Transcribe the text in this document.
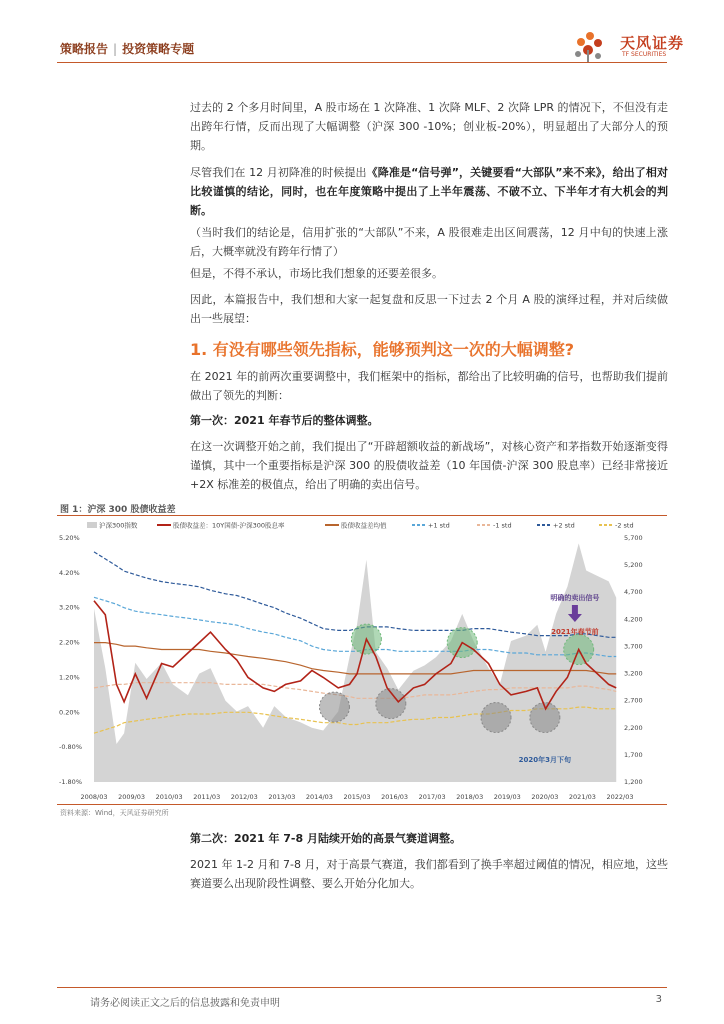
策略报告 | 投资策略专题	天风证券
TF SECURITIES

过去的 2 个多月时间里，A 股市场在 1 次降准、1 次降 MLF、2 次降 LPR 的情况下，不但没有走出跨年行情，反而出现了大幅调整（沪深 300 -10%；创业板-20%），明显超出了大部分人的预期。

尽管我们在 12 月初降准的时候提出《降准是“信号弹”，关键要看“大部队”来不来》，给出了相对比较谨慎的结论，同时，也在年度策略中提出了上半年震荡、不破不立、下半年才有大机会的判断。

（当时我们的结论是，信用扩张的“大部队”不来，A 股很难走出区间震荡，12 月中旬的快速上涨后，大概率就没有跨年行情了）

但是，不得不承认，市场比我们想象的还要差很多。

因此，本篇报告中，我们想和大家一起复盘和反思一下过去 2 个月 A 股的演绎过程，并对后续做出一些展望：

1. 有没有哪些领先指标，能够预判这一次的大幅调整?

在 2021 年的前两次重要调整中，我们框架中的指标，都给出了比较明确的信号，也帮助我们提前做出了领先的判断：

第一次：2021 年春节后的整体调整。

在这一次调整开始之前，我们提出了“开辟超额收益的新战场”，对核心资产和茅指数开始逐渐变得谨慎，其中一个重要指标是沪深 300 的股债收益差（10 年国债-沪深 300 股息率）已经非常接近+2X 标准差的极值点，给出了明确的卖出信号。

图 1：沪深 300 股债收益差
5.20%
4.20%
3.20%
2.20%
1.20%
0.20%
-0.80%
-1.80%
5,700
5,200
4,700
4,200
3,700
3,200
2,700
2,200
1,700
1,200
2008/03 2009/03 2010/03 2011/03 2012/03 2013/03 2014/03 2015/03 2016/03 2017/03 2018/03 2019/03 2020/03 2021/03 2022/03
沪深300指数	股债收益差：10Y国债-沪深300股息率	股债收益差均值	+1 std	-1 std	+2 std	-2 std
明确的卖出信号
2021年春节前
2020年3月下旬
资料来源：Wind，天风证券研究所

第二次：2021 年 7-8 月陆续开始的高景气赛道调整。

2021 年 1-2 月和 7-8 月，对于高景气赛道，我们都看到了换手率超过阈值的情况，相应地，这些赛道要么出现阶段性调整、要么开始分化加大。

请务必阅读正文之后的信息披露和免责申明	3
